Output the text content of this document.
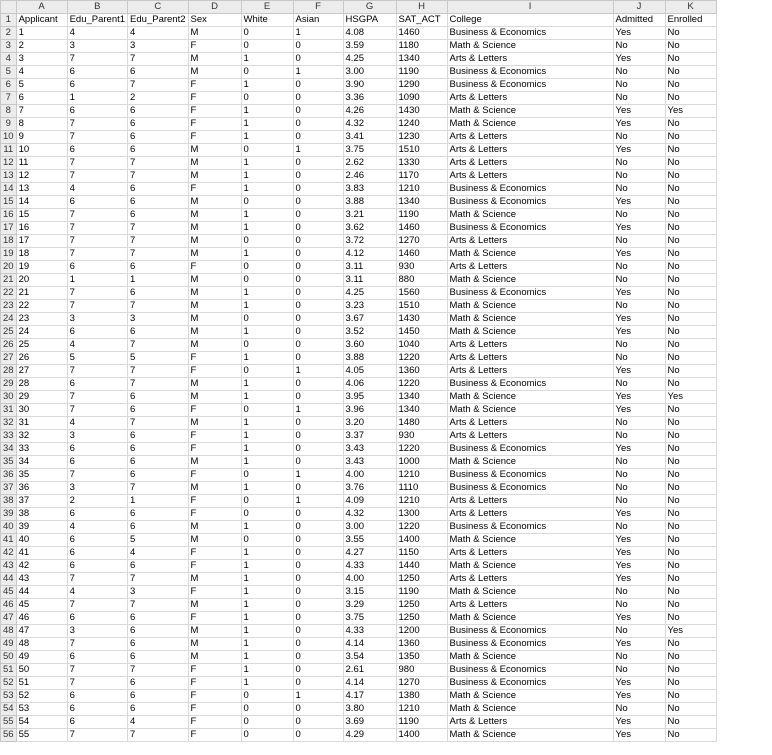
	A	B	C	D	E	F	G	H	I	J	K
1	Applicant	Edu_Parent1	Edu_Parent2	Sex	White	Asian	HSGPA	SAT_ACT	College	Admitted	Enrolled
2	1	4	4	M	0	1	4.08	1460	Business & Economics	Yes	No
3	2	3	3	F	0	0	3.59	1180	Math & Science	No	No
4	3	7	7	M	1	0	4.25	1340	Arts & Letters	Yes	No
5	4	6	6	M	0	1	3.00	1190	Business & Economics	No	No
6	5	6	7	F	1	0	3.90	1290	Business & Economics	No	No
7	6	1	2	F	0	0	3.36	1090	Arts & Letters	No	No
8	7	6	6	F	1	0	4.26	1430	Math & Science	Yes	Yes
9	8	7	6	F	1	0	4.32	1240	Math & Science	Yes	No
10	9	7	6	F	1	0	3.41	1230	Arts & Letters	No	No
11	10	6	6	M	0	1	3.75	1510	Arts & Letters	Yes	No
12	11	7	7	M	1	0	2.62	1330	Arts & Letters	No	No
13	12	7	7	M	1	0	2.46	1170	Arts & Letters	No	No
14	13	4	6	F	1	0	3.83	1210	Business & Economics	No	No
15	14	6	6	M	0	0	3.88	1340	Business & Economics	Yes	No
16	15	7	6	M	1	0	3.21	1190	Math & Science	No	No
17	16	7	7	M	1	0	3.62	1460	Business & Economics	Yes	No
18	17	7	7	M	0	0	3.72	1270	Arts & Letters	No	No
19	18	7	7	M	1	0	4.12	1460	Math & Science	Yes	No
20	19	6	6	F	0	0	3.11	930	Arts & Letters	No	No
21	20	1	1	M	0	0	3.11	880	Math & Science	No	No
22	21	7	6	M	1	0	4.25	1560	Business & Economics	Yes	No
23	22	7	7	M	1	0	3.23	1510	Math & Science	No	No
24	23	3	3	M	0	0	3.67	1430	Math & Science	Yes	No
25	24	6	6	M	1	0	3.52	1450	Math & Science	Yes	No
26	25	4	7	M	0	0	3.60	1040	Arts & Letters	No	No
27	26	5	5	F	1	0	3.88	1220	Arts & Letters	No	No
28	27	7	7	F	0	1	4.05	1360	Arts & Letters	Yes	No
29	28	6	7	M	1	0	4.06	1220	Business & Economics	No	No
30	29	7	6	M	1	0	3.95	1340	Math & Science	Yes	Yes
31	30	7	6	F	0	1	3.96	1340	Math & Science	Yes	No
32	31	4	7	M	1	0	3.20	1480	Arts & Letters	No	No
33	32	3	6	F	1	0	3.37	930	Arts & Letters	No	No
34	33	6	6	F	1	0	3.43	1220	Business & Economics	Yes	No
35	34	6	6	M	1	0	3.43	1000	Math & Science	No	No
36	35	7	6	F	0	1	4.00	1210	Business & Economics	No	No
37	36	3	7	M	1	0	3.76	1110	Business & Economics	No	No
38	37	2	1	F	0	1	4.09	1210	Arts & Letters	No	No
39	38	6	6	F	0	0	4.32	1300	Arts & Letters	Yes	No
40	39	4	6	M	1	0	3.00	1220	Business & Economics	No	No
41	40	6	5	M	0	0	3.55	1400	Math & Science	Yes	No
42	41	6	4	F	1	0	4.27	1150	Arts & Letters	Yes	No
43	42	6	6	F	1	0	4.33	1440	Math & Science	Yes	No
44	43	7	7	M	1	0	4.00	1250	Arts & Letters	Yes	No
45	44	4	3	F	1	0	3.15	1190	Math & Science	No	No
46	45	7	7	M	1	0	3.29	1250	Arts & Letters	No	No
47	46	6	6	F	1	0	3.75	1250	Math & Science	Yes	No
48	47	3	6	M	1	0	4.33	1200	Business & Economics	No	Yes
49	48	7	6	M	1	0	4.14	1360	Business & Economics	Yes	No
50	49	6	6	M	1	0	3.54	1350	Math & Science	No	No
51	50	7	7	F	1	0	2.61	980	Business & Economics	No	No
52	51	7	6	F	1	0	4.14	1270	Business & Economics	Yes	No
53	52	6	6	F	0	1	4.17	1380	Math & Science	Yes	No
54	53	6	6	F	0	0	3.80	1210	Math & Science	No	No
55	54	6	4	F	0	0	3.69	1190	Arts & Letters	Yes	No
56	55	7	7	F	0	0	4.29	1400	Math & Science	Yes	No
